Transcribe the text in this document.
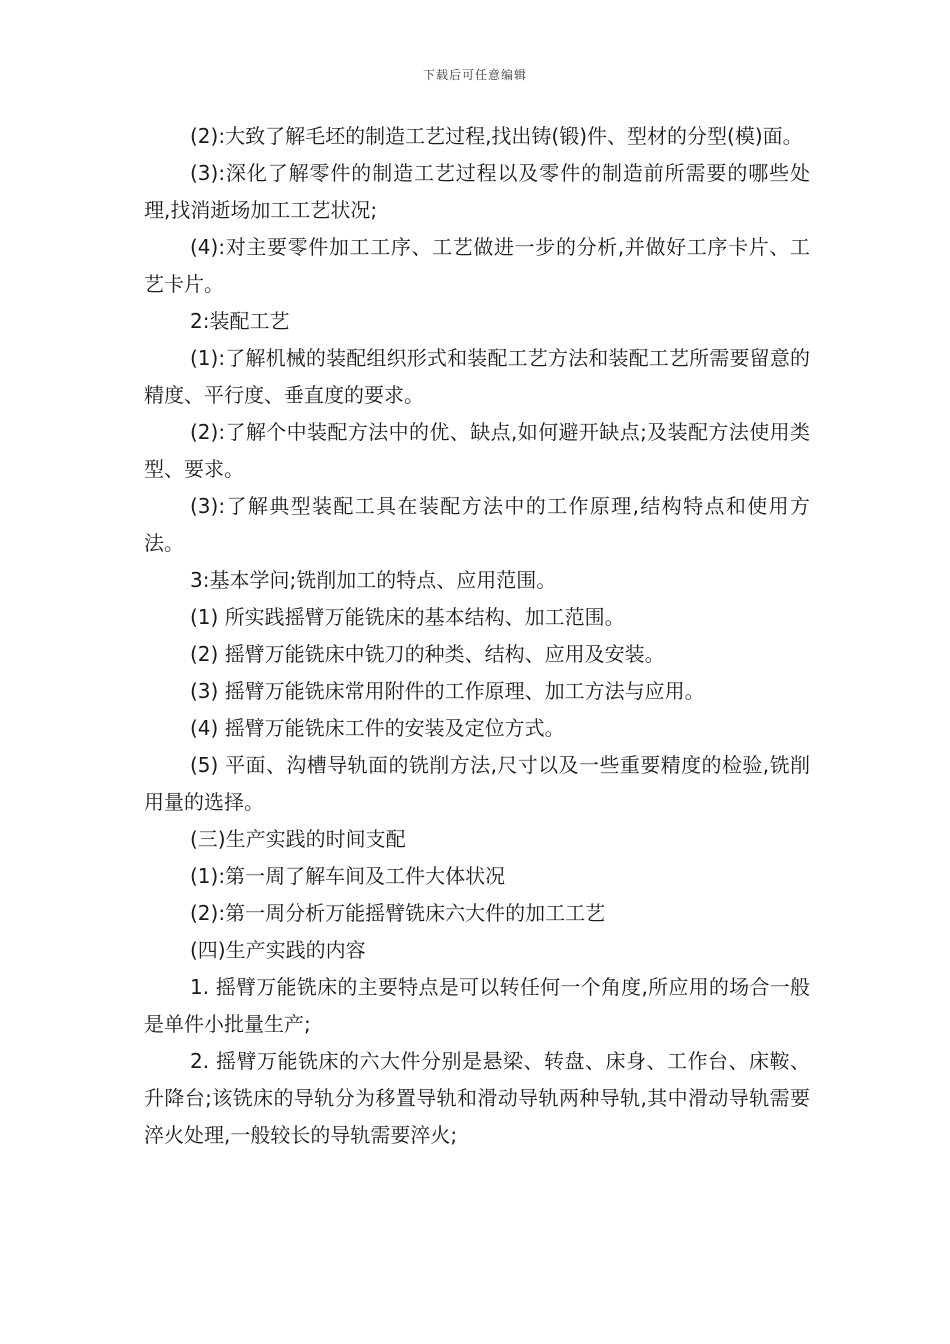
下载后可任意编辑

(2):大致了解毛坯的制造工艺过程,找出铸(锻)件、型材的分型(模)面。

(3):深化了解零件的制造工艺过程以及零件的制造前所需要的哪些处理,找消逝场加工工艺状况;

(4):对主要零件加工工序、工艺做进一步的分析,并做好工序卡片、工艺卡片。

2:装配工艺

(1):了解机械的装配组织形式和装配工艺方法和装配工艺所需要留意的精度、平行度、垂直度的要求。

(2):了解个中装配方法中的优、缺点,如何避开缺点;及装配方法使用类型、要求。

(3):了解典型装配工具在装配方法中的工作原理,结构特点和使用方法。

3:基本学问;铣削加工的特点、应用范围。

(1) 所实践摇臂万能铣床的基本结构、加工范围。

(2) 摇臂万能铣床中铣刀的种类、结构、应用及安装。

(3) 摇臂万能铣床常用附件的工作原理、加工方法与应用。

(4) 摇臂万能铣床工件的安装及定位方式。

(5) 平面、沟槽导轨面的铣削方法,尺寸以及一些重要精度的检验,铣削用量的选择。

(三)生产实践的时间支配

(1):第一周了解车间及工件大体状况

(2):第一周分析万能摇臂铣床六大件的加工工艺

(四)生产实践的内容

1. 摇臂万能铣床的主要特点是可以转任何一个角度,所应用的场合一般是单件小批量生产;

2. 摇臂万能铣床的六大件分别是悬梁、转盘、床身、工作台、床鞍、升降台;该铣床的导轨分为移置导轨和滑动导轨两种导轨,其中滑动导轨需要淬火处理,一般较长的导轨需要淬火;
